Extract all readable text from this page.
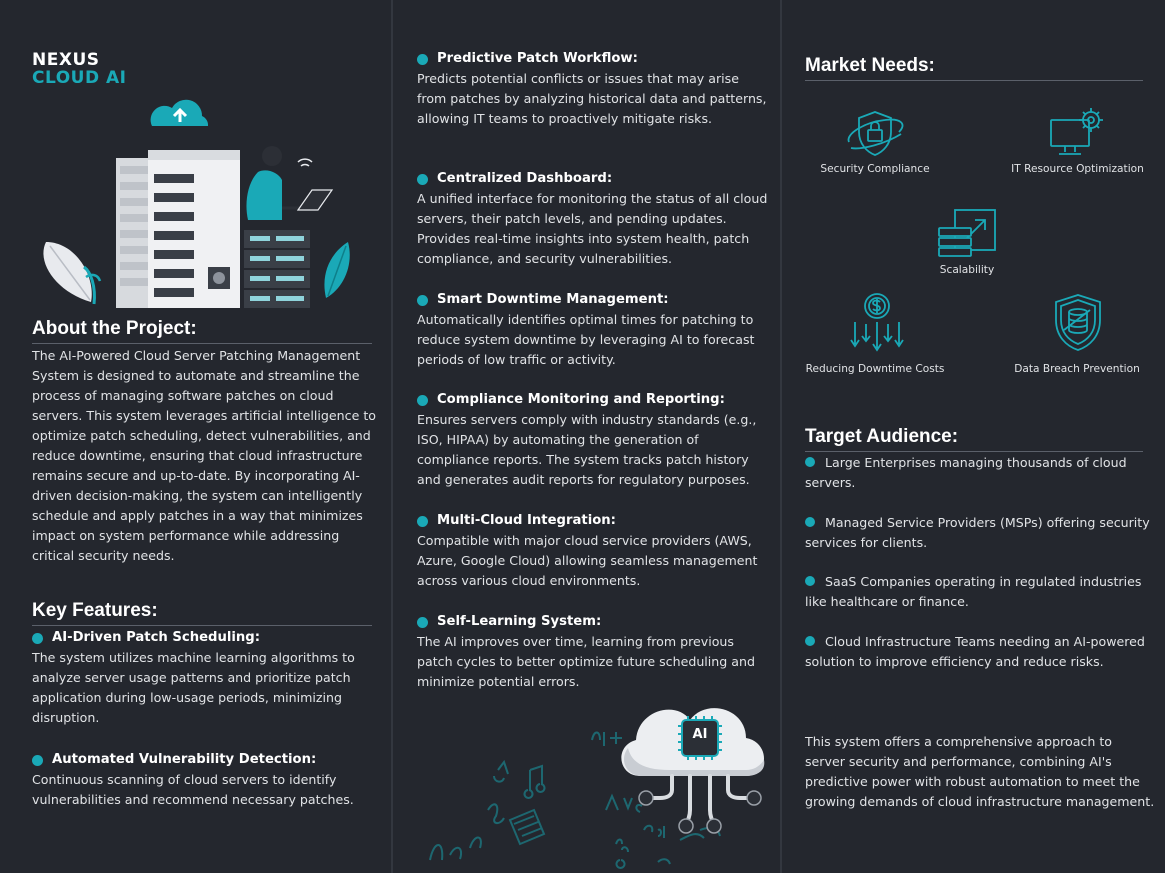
NEXUS
CLOUD AI
About the Project:
The AI-Powered Cloud Server Patching Management System is designed to automate and streamline the process of managing software patches on cloud servers. This system leverages artificial intelligence to optimize patch scheduling, detect vulnerabilities, and reduce downtime, ensuring that cloud infrastructure remains secure and up-to-date. By incorporating AI-driven decision-making, the system can intelligently schedule and apply patches in a way that minimizes impact on system performance while addressing critical security needs.
Key Features:
AI-Driven Patch Scheduling:
The system utilizes machine learning algorithms to analyze server usage patterns and prioritize patch application during low-usage periods, minimizing disruption.
Automated Vulnerability Detection:
Continuous scanning of cloud servers to identify vulnerabilities and recommend necessary patches.
Predictive Patch Workflow:
Predicts potential conflicts or issues that may arise from patches by analyzing historical data and patterns, allowing IT teams to proactively mitigate risks.
Centralized Dashboard:
A unified interface for monitoring the status of all cloud servers, their patch levels, and pending updates. Provides real-time insights into system health, patch compliance, and security vulnerabilities.
Smart Downtime Management:
Automatically identifies optimal times for patching to reduce system downtime by leveraging AI to forecast periods of low traffic or activity.
Compliance Monitoring and Reporting:
Ensures servers comply with industry standards (e.g., ISO, HIPAA) by automating the generation of compliance reports. The system tracks patch history and generates audit reports for regulatory purposes.
Multi-Cloud Integration:
Compatible with major cloud service providers (AWS, Azure, Google Cloud) allowing seamless management across various cloud environments.
Self-Learning System:
The AI improves over time, learning from previous patch cycles to better optimize future scheduling and minimize potential errors.
AI
Market Needs:
Security Compliance	IT Resource Optimization
Scalability
Reducing Downtime Costs	Data Breach Prevention
Target Audience:
Large Enterprises managing thousands of cloud servers.
Managed Service Providers (MSPs) offering security services for clients.
SaaS Companies operating in regulated industries like healthcare or finance.
Cloud Infrastructure Teams needing an AI-powered solution to improve efficiency and reduce risks.
This system offers a comprehensive approach to server security and performance, combining AI's predictive power with robust automation to meet the growing demands of cloud infrastructure management.
